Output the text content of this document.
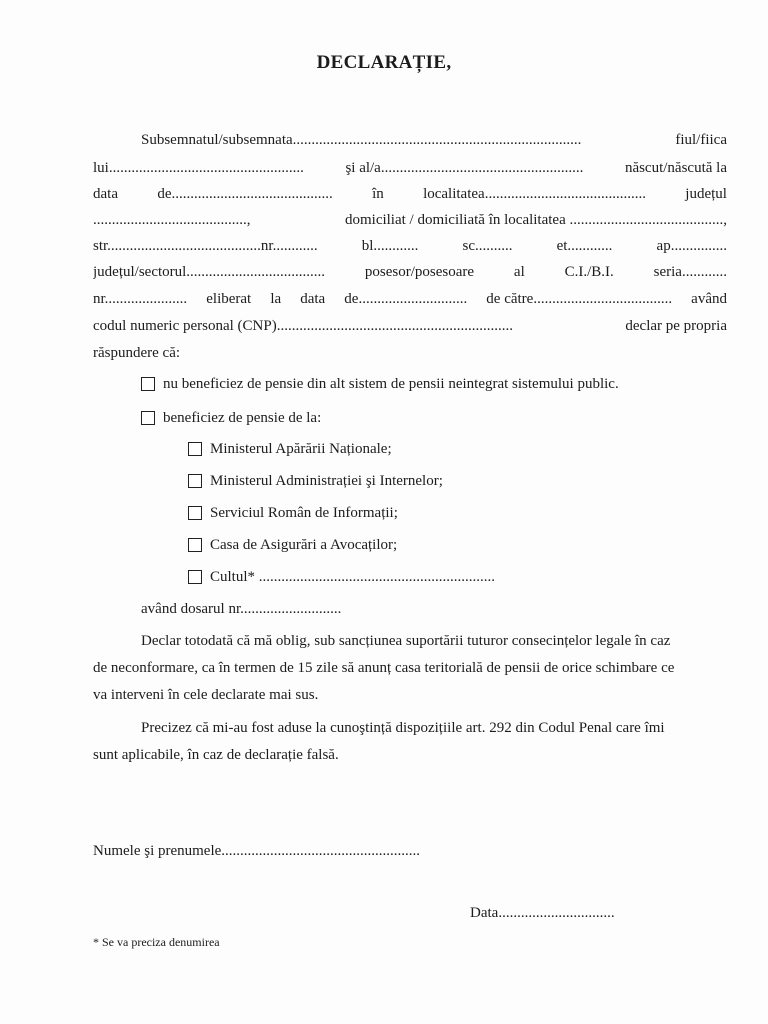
DECLARAȚIE,
Subsemnatul/subsemnata.............................................................................	fiul/fiica
lui....................................................	şi al/a......................................................	născut/născută la
data	de...........................................	în	localitatea...........................................	județul
.........................................,	domiciliat / domiciliată în localitatea .........................................,
str.........................................nr............	bl............	sc..........	et............	ap...............
județul/sectorul.....................................	posesor/posesoare	al	C.I./B.I.	seria............
nr...................... eliberat la data de............................. de către..................................... având
codul numeric personal (CNP)...............................................................	declar pe propria
răspundere că:
nu beneficiez de pensie din alt sistem de pensii neintegrat sistemului public.
beneficiez de pensie de la:
Ministerul Apărării Naționale;
Ministerul Administrației şi Internelor;
Serviciul Român de Informații;
Casa de Asigurări a Avocaților;
Cultul* ...............................................................
având dosarul nr...........................
Declar totodată că mă oblig, sub sancțiunea suportării tuturor consecințelor legale în caz
de neconformare, ca în termen de 15 zile să anunț casa teritorială de pensii de orice schimbare ce
va interveni în cele declarate mai sus.
Precizez că mi-au fost aduse la cunoştință dispozițiile art. 292 din Codul Penal care îmi
sunt aplicabile, în caz de declarație falsă.
Numele şi prenumele.....................................................
Data...............................
* Se va preciza denumirea
